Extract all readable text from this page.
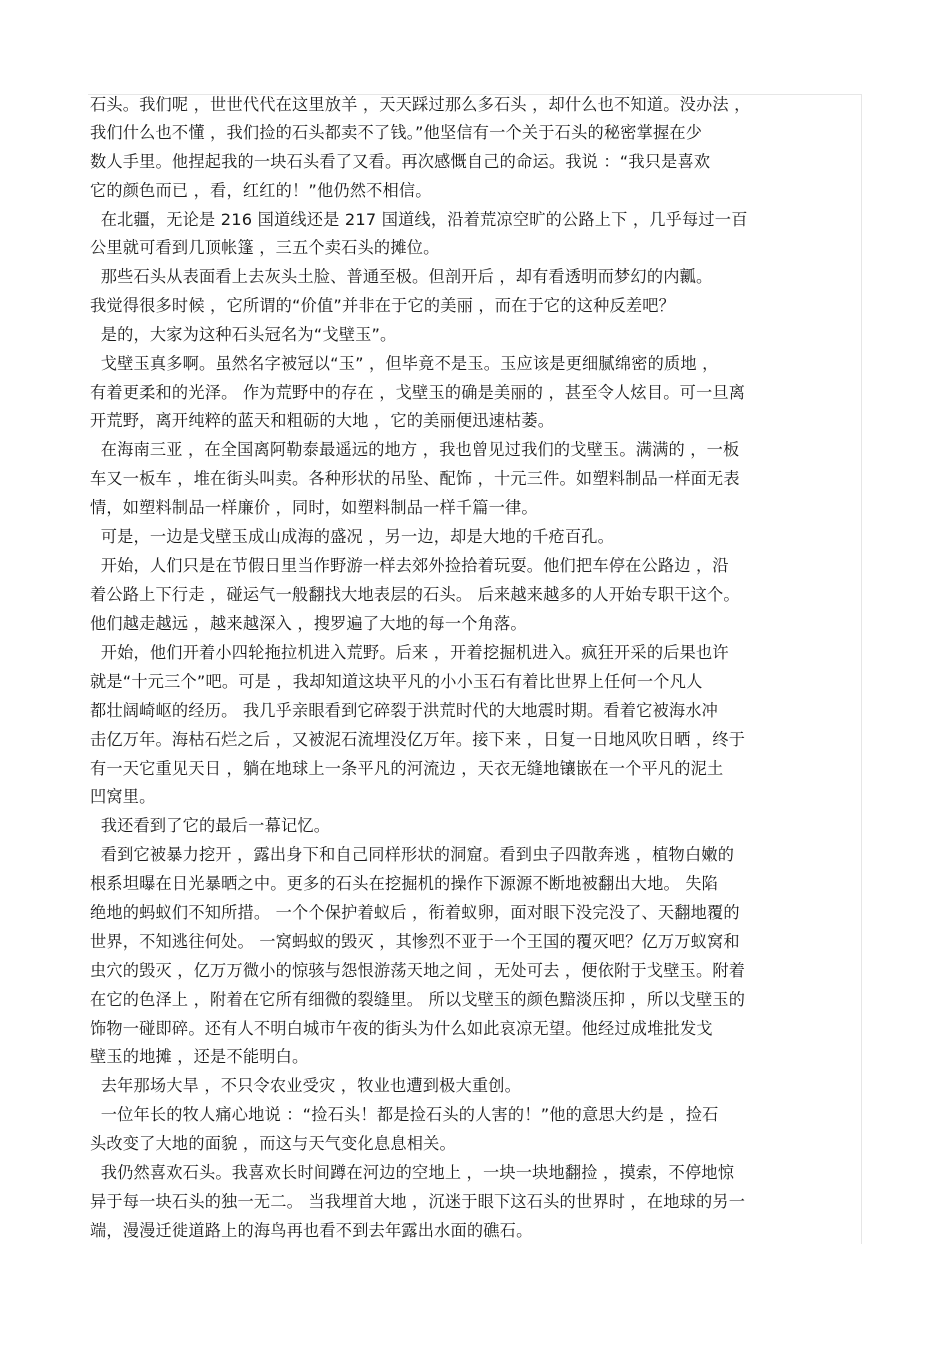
石头。我们呢 ，世世代代在这里放羊 ，天天踩过那么多石头 ，却什么也不知道。没办法 ，
我们什么也不懂 ，我们捡的石头都卖不了钱。”他坚信有一个关于石头的秘密掌握在少
数人手里。他捏起我的一块石头看了又看。再次感慨自己的命运。我说 ：“我只是喜欢
它的颜色而已 ，看，红红的！”他仍然不相信。
在北疆，无论是 216 国道线还是 217 国道线，沿着荒凉空旷的公路上下 ，几乎每过一百
公里就可看到几顶帐篷 ，三五个卖石头的摊位。
那些石头从表面看上去灰头土脸、普通至极。但剖开后 ，却有看透明而梦幻的内瓤。
我觉得很多时候 ，它所谓的“价值”并非在于它的美丽 ，而在于它的这种反差吧？
是的，大家为这种石头冠名为“戈壁玉”。
戈壁玉真多啊。虽然名字被冠以“玉” ，但毕竟不是玉。玉应该是更细腻绵密的质地 ，
有着更柔和的光泽。 作为荒野中的存在 ，戈壁玉的确是美丽的 ，甚至令人炫目。可一旦离
开荒野，离开纯粹的蓝天和粗砺的大地 ，它的美丽便迅速枯萎。
在海南三亚 ，在全国离阿勒泰最遥远的地方 ，我也曾见过我们的戈壁玉。满满的 ，一板
车又一板车 ，堆在街头叫卖。各种形状的吊坠、配饰 ，十元三件。如塑料制品一样面无表
情，如塑料制品一样廉价 ，同时，如塑料制品一样千篇一律。
可是，一边是戈壁玉成山成海的盛况 ，另一边，却是大地的千疮百孔。
开始，人们只是在节假日里当作野游一样去郊外捡拾着玩耍。他们把车停在公路边 ，沿
着公路上下行走 ，碰运气一般翻找大地表层的石头。 后来越来越多的人开始专职干这个。
他们越走越远 ，越来越深入 ，搜罗遍了大地的每一个角落。
开始，他们开着小四轮拖拉机进入荒野。后来 ，开着挖掘机进入。疯狂开采的后果也许
就是“十元三个”吧。可是 ，我却知道这块平凡的小小玉石有着比世界上任何一个凡人
都壮阔崎岖的经历。 我几乎亲眼看到它碎裂于洪荒时代的大地震时期。看着它被海水冲
击亿万年。海枯石烂之后 ，又被泥石流埋没亿万年。接下来 ，日复一日地风吹日晒 ，终于
有一天它重见天日 ，躺在地球上一条平凡的河流边 ，天衣无缝地镶嵌在一个平凡的泥土
凹窝里。
我还看到了它的最后一幕记忆。
看到它被暴力挖开 ，露出身下和自己同样形状的洞窟。看到虫子四散奔逃 ，植物白嫩的
根系坦曝在日光暴晒之中。更多的石头在挖掘机的操作下源源不断地被翻出大地。 失陷
绝地的蚂蚁们不知所措。 一个个保护着蚁后 ，衔着蚁卵，面对眼下没完没了、天翻地覆的
世界，不知逃往何处。 一窝蚂蚁的毁灭 ，其惨烈不亚于一个王国的覆灭吧？亿万万蚁窝和
虫穴的毁灭 ，亿万万微小的惊骇与怨恨游荡天地之间 ，无处可去 ，便依附于戈壁玉。附着
在它的色泽上 ，附着在它所有细微的裂缝里。 所以戈壁玉的颜色黯淡压抑 ，所以戈壁玉的
饰物一碰即碎。还有人不明白城市午夜的街头为什么如此哀凉无望。他经过成堆批发戈
壁玉的地摊 ，还是不能明白。
去年那场大旱 ，不只令农业受灾 ，牧业也遭到极大重创。
一位年长的牧人痛心地说 ：“捡石头！都是捡石头的人害的！”他的意思大约是 ，捡石
头改变了大地的面貌 ，而这与天气变化息息相关。
我仍然喜欢石头。我喜欢长时间蹲在河边的空地上 ，一块一块地翻捡 ，摸索，不停地惊
异于每一块石头的独一无二。 当我埋首大地 ，沉迷于眼下这石头的世界时 ，在地球的另一
端，漫漫迁徙道路上的海鸟再也看不到去年露出水面的礁石。
